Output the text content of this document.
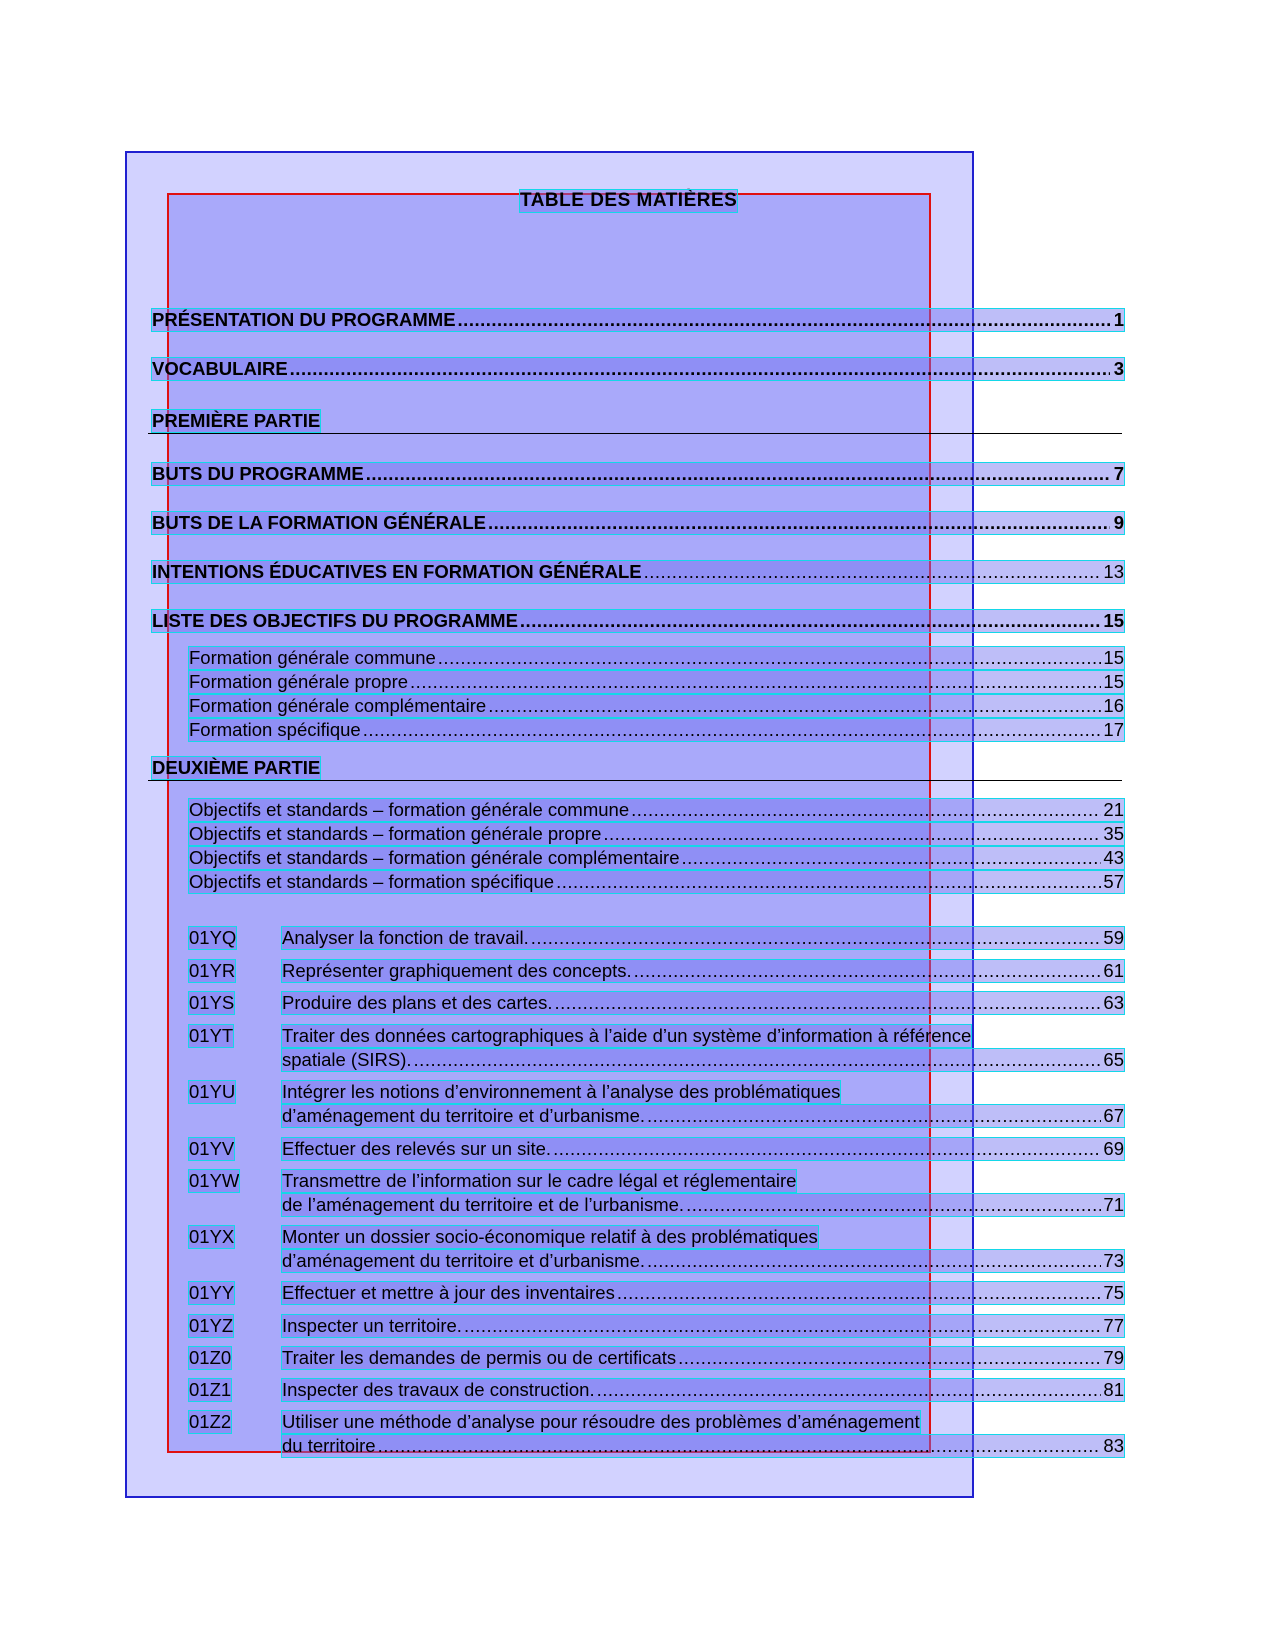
TABLE DES MATIÈRES
PRÉSENTATION DU PROGRAMME .....	1
VOCABULAIRE .....	3
PREMIÈRE PARTIE
BUTS DU PROGRAMME .....	7
BUTS DE LA FORMATION GÉNÉRALE .....	9
INTENTIONS ÉDUCATIVES EN FORMATION GÉNÉRALE .....	13
LISTE DES OBJECTIFS DU PROGRAMME .....	15
Formation générale commune .....	15
Formation générale propre .....	15
Formation générale complémentaire .....	16
Formation spécifique .....	17
DEUXIÈME PARTIE
Objectifs et standards – formation générale commune .....	21
Objectifs et standards – formation générale propre .....	35
Objectifs et standards – formation générale complémentaire .....	43
Objectifs et standards – formation spécifique .....	57
01YQ Analyser la fonction de travail. .....	59
01YR	Représenter graphiquement des concepts. .....	61
01YS	Produire des plans et des cartes. .....	63
01YT	Traiter des données cartographiques à l’aide d’un système d’information à référence
spatiale (SIRS). .....	65
01YU	Intégrer les notions d’environnement à l’analyse des problématiques
d’aménagement du territoire et d’urbanisme. .....	67
01YV	Effectuer des relevés sur un site. .....	69
01YW Transmettre de l’information sur le cadre légal et réglementaire
de l’aménagement du territoire et de l’urbanisme. .....	71
01YX	Monter un dossier socio-économique relatif à des problématiques
d’aménagement du territoire et d’urbanisme. .....	73
01YY	Effectuer et mettre à jour des inventaires .....	75
01YZ	Inspecter un territoire. .....	77
01Z0	Traiter les demandes de permis ou de certificats .....	79
01Z1	Inspecter des travaux de construction. .....	81
01Z2	Utiliser une méthode d’analyse pour résoudre des problèmes d’aménagement
du territoire .....	83
